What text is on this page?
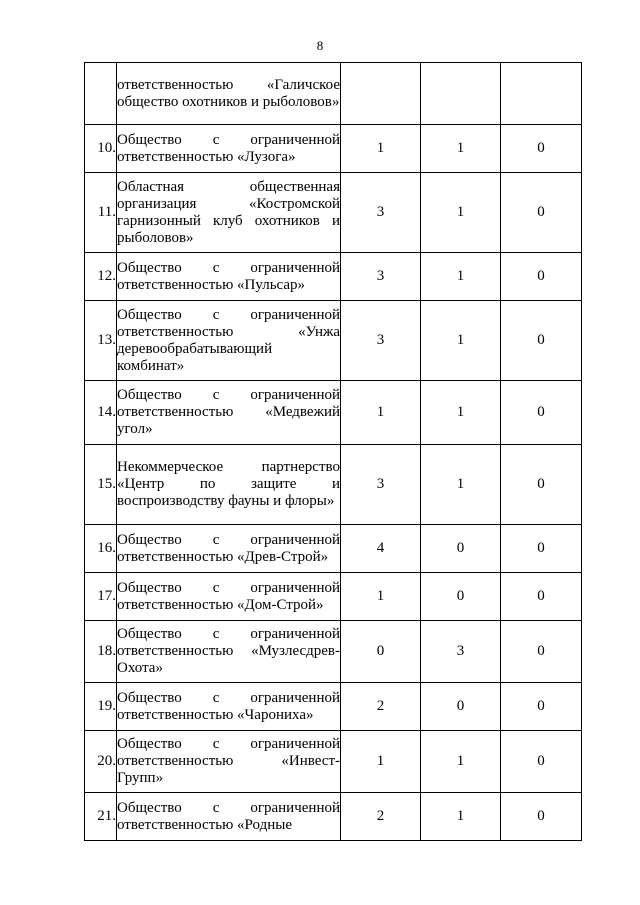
8
	ответственностью «Галичское общество охотников и рыболовов»			
10.	Общество с ограниченной ответственностью «Лузога»	1	1	0
11.	Областная общественная организация «Костромской гарнизонный клуб охотников и рыболовов»	3	1	0
12.	Общество с ограниченной ответственностью «Пульсар»	3	1	0
13.	Общество с ограниченной ответственностью «Унжа деревообрабатывающий комбинат»	3	1	0
14.	Общество с ограниченной ответственностью «Медвежий угол»	1	1	0
15.	Некоммерческое партнерство «Центр по защите и воспроизводству фауны и флоры»	3	1	0
16.	Общество с ограниченной ответственностью «Древ-Строй»	4	0	0
17.	Общество с ограниченной ответственностью «Дом-Строй»	1	0	0
18.	Общество с ограниченной ответственностью «Музлесдрев-Охота»	0	3	0
19.	Общество с ограниченной ответственностью «Чарониха»	2	0	0
20.	Общество с ограниченной ответственностью «Инвест-Групп»	1	1	0
21.	Общество с ограниченной ответственностью «Родные	2	1	0
